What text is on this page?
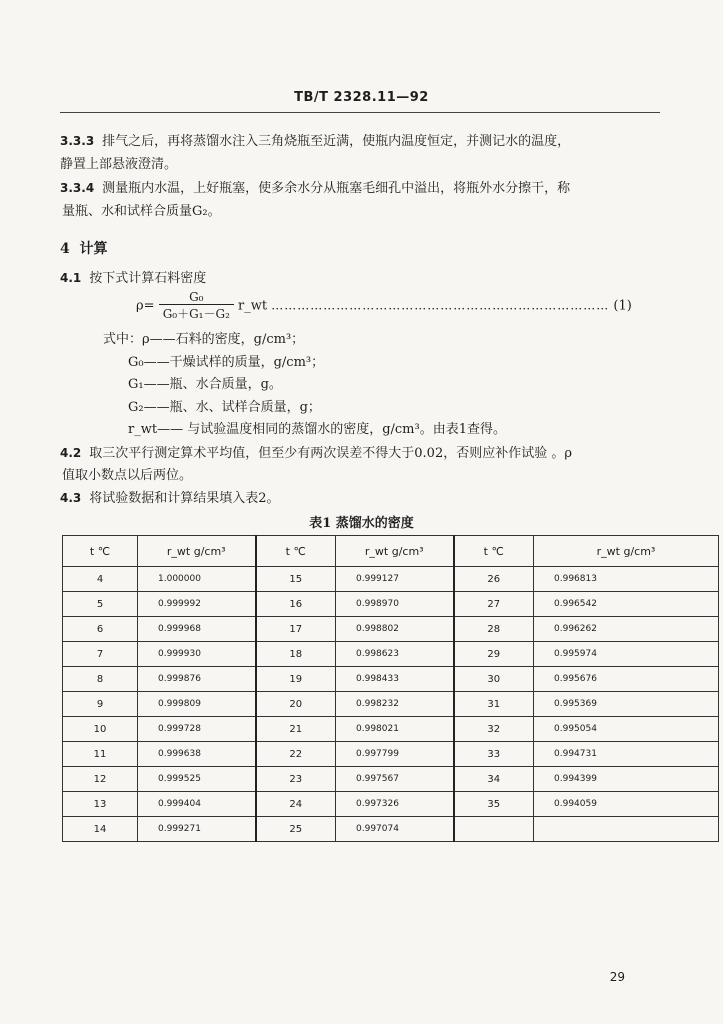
TB/T 2328.11—92
3.3.3 排气之后，再将蒸馏水注入三角烧瓶至近满，使瓶内温度恒定，并测记水的温度，
静置上部悬液澄清。
3.3.4 测量瓶内水温，上好瓶塞，使多余水分从瓶塞毛细孔中溢出，将瓶外水分擦干，称
量瓶、水和试样合质量G₂。
4 计算
4.1 按下式计算石料密度
$\rho= \frac{\text{G₀}}{\text{G₀＋G₁－G₂}}$ r_wt …………………………………………………………………… (1)
式中：ρ——石料的密度，g/cm³；
G₀——干燥试样的质量，g/cm³；
G₁——瓶、水合质量，g。
G₂——瓶、水、试样合质量，g；
r_wt—— 与试验温度相同的蒸馏水的密度，g/cm³。由表1查得。
4.2 取三次平行测定算术平均值，但至少有两次误差不得大于0.02，否则应补作试验 。ρ
值取小数点以后两位。
4.3 将试验数据和计算结果填入表2。
表1 蒸馏水的密度
t ℃	r_wt g/cm³	t ℃	r_wt g/cm³	t ℃	r_wt g/cm³
4	1.000000	15	0.999127	26	0.996813
5	0.999992	16	0.998970	27	0.996542
6	0.999968	17	0.998802	28	0.996262
7	0.999930	18	0.998623	29	0.995974
8	0.999876	19	0.998433	30	0.995676
9	0.999809	20	0.998232	31	0.995369
10	0.999728	21	0.998021	32	0.995054
11	0.999638	22	0.997799	33	0.994731
12	0.999525	23	0.997567	34	0.994399
13	0.999404	24	0.997326	35	0.994059
14	0.999271	25	0.997074		
29
